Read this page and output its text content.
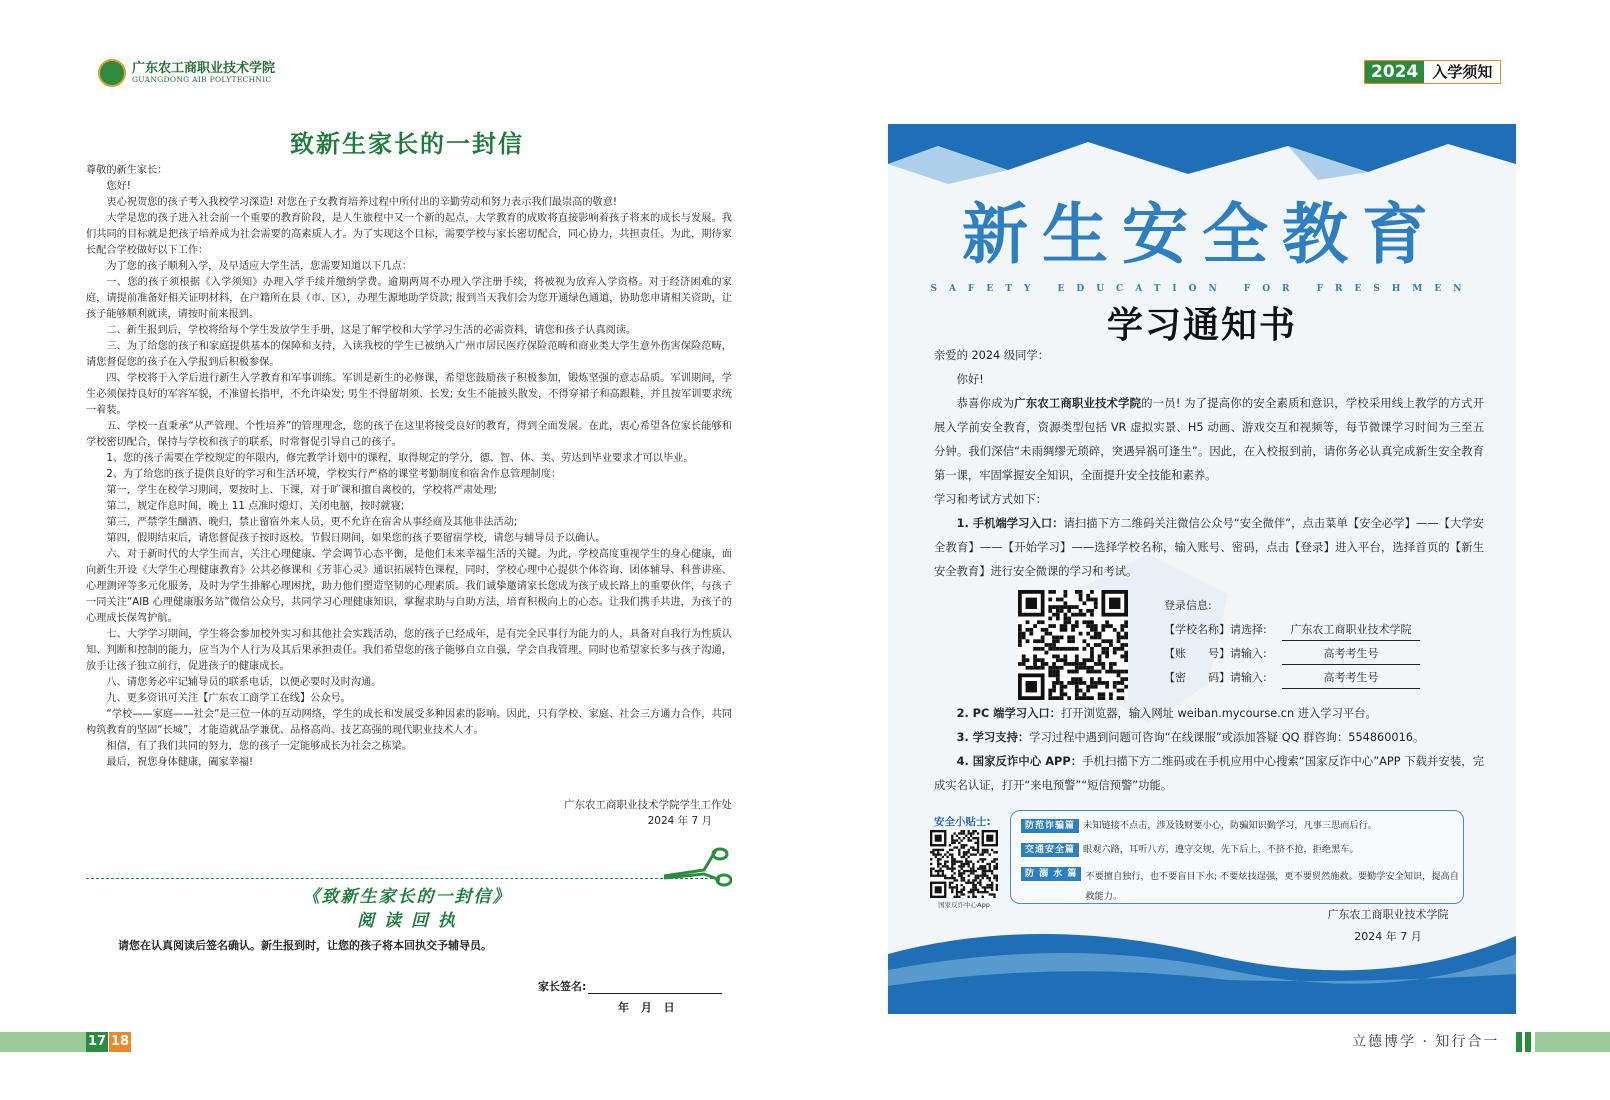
广东农工商职业技术学院
GUANGDONG AIB POLYTECHNIC
致新生家长的一封信

尊敬的新生家长：

您好!

衷心祝贺您的孩子考入我校学习深造! 对您在子女教育培养过程中所付出的辛勤劳动和努力表示我们最崇高的敬意!

大学是您的孩子进入社会前一个重要的教育阶段，是人生旅程中又一个新的起点，大学教育的成败将直接影响着孩子将来的成长与发展。我们共同的目标就是把孩子培养成为社会需要的高素质人才。为了实现这个目标，需要学校与家长密切配合，同心协力，共担责任。为此，期待家长配合学校做好以下工作：

为了您的孩子顺利入学，及早适应大学生活，您需要知道以下几点：

一、您的孩子须根据《入学须知》办理入学手续并缴纳学费。逾期两周不办理入学注册手续，将被视为放弃入学资格。对于经济困难的家庭，请提前准备好相关证明材料，在户籍所在县（市、区），办理生源地助学贷款; 报到当天我们会为您开通绿色通道，协助您申请相关资助，让孩子能够顺利就读，请按时前来报到。

二、新生报到后，学校将给每个学生发放学生手册，这是了解学校和大学学习生活的必需资料，请您和孩子认真阅读。

三、为了给您的孩子和家庭提供基本的保障和支持，入读我校的学生已被纳入广州市居民医疗保险范畴和商业类大学生意外伤害保险范畴，请您督促您的孩子在入学报到后积极参保。

四、学校将于入学后进行新生入学教育和军事训练。军训是新生的必修课，希望您鼓励孩子积极参加，锻炼坚强的意志品质。军训期间，学生必须保持良好的军容军貌，不准留长指甲，不允许染发; 男生不得留胡须、长发; 女生不能披头散发，不得穿裙子和高跟鞋，并且按军训要求统一着装。

五、学校一直秉承“从严管理、个性培养”的管理理念，您的孩子在这里将接受良好的教育，得到全面发展。在此，衷心希望各位家长能够和学校密切配合，保持与学校和孩子的联系，时常督促引导自己的孩子。

1、您的孩子需要在学校规定的年限内，修完教学计划中的课程，取得规定的学分，德、智、体、美、劳达到毕业要求才可以毕业。

2、为了给您的孩子提供良好的学习和生活环境，学校实行严格的课堂考勤制度和宿舍作息管理制度：

第一，学生在校学习期间，要按时上、下课，对于旷课和擅自离校的，学校将严肃处理;

第二，规定作息时间，晚上 11 点准时熄灯、关闭电脑，按时就寝;

第三，严禁学生酗酒、晚归，禁止留宿外来人员，更不允许在宿舍从事经商及其他非法活动;

第四，假期结束后，请您督促孩子按时返校。节假日期间，如果您的孩子要留宿学校，请您与辅导员予以确认。

六、对于新时代的大学生而言，关注心理健康、学会调节心态平衡，是他们未来幸福生活的关键。为此，学校高度重视学生的身心健康，面向新生开设《大学生心理健康教育》公共必修课和《芳菲心灵》通识拓展特色课程，同时，学校心理中心提供个体咨询、团体辅导、科普讲座、心理测评等多元化服务，及时为学生排解心理困扰，助力他们塑造坚韧的心理素质。我们诚挚邀请家长您成为孩子成长路上的重要伙伴，与孩子一同关注“AIB 心理健康服务站”微信公众号，共同学习心理健康知识，掌握求助与自助方法，培育积极向上的心态。让我们携手共进，为孩子的心理成长保驾护航。

七、大学学习期间，学生将会参加校外实习和其他社会实践活动，您的孩子已经成年，是有完全民事行为能力的人，具备对自我行为性质认知、判断和控制的能力，应当为个人行为及其后果承担责任。我们希望您的孩子能够自立自强，学会自我管理。同时也希望家长多与孩子沟通，放手让孩子独立前行，促进孩子的健康成长。

八、请您务必牢记辅导员的联系电话，以便必要时及时沟通。

九、更多资讯可关注【广东农工商学工在线】公众号。

“学校——家庭——社会”是三位一体的互动网络，学生的成长和发展受多种因素的影响。因此，只有学校、家庭、社会三方通力合作，共同构筑教育的坚固“长城”，才能造就品学兼优、品格高尚、技艺高强的现代职业技术人才。

相信，有了我们共同的努力，您的孩子一定能够成长为社会之栋梁。

最后，祝您身体健康，阖家幸福!

广东农工商职业技术学院学生工作处
2024 年 7 月
《致新生家长的一封信》
阅 读 回 执
请您在认真阅读后签名确认。新生报到时，让您的孩子将本回执交予辅导员。
家长签名:
年 月 日
17 18	立德博学 · 知行合一
2024 入学须知
新生安全教育
SAFETY EDUCATION FOR FRESHMEN
学习通知书

亲爱的 2024 级同学：

你好!

恭喜你成为广东农工商职业技术学院的一员! 为了提高你的安全素质和意识，学校采用线上教学的方式开展入学前安全教育，资源类型包括 VR 虚拟实景、H5 动画、游戏交互和视频等，每节微课学习时间为三至五分钟。我们深信“未雨绸缪无琐碎，突遇异祸可逢生”。因此，在入校报到前，请你务必认真完成新生安全教育第一课，牢固掌握安全知识，全面提升安全技能和素养。

学习和考试方式如下：

1. 手机端学习入口：请扫描下方二维码关注微信公众号“安全微伴”，点击菜单【安全必学】——【大学安全教育】——【开始学习】——选择学校名称，输入账号、密码，点击【登录】进入平台，选择首页的【新生安全教育】进行安全微课的学习和考试。

登录信息:
【学校名称】请选择:	广东农工商职业技术学院
【账　　号】请输入:	高考考生号
【密　　码】请输入:	高考考生号

2. PC 端学习入口：打开浏览器，输入网址 weiban.mycourse.cn 进入学习平台。

3. 学习支持：学习过程中遇到问题可咨询“在线课服”或添加答疑 QQ 群咨询：554860016。

4. 国家反诈中心 APP：手机扫描下方二维码或在手机应用中心搜索“国家反诈中心”APP 下载并安装，完成实名认证，打开“来电预警”“短信预警”功能。

安全小贴士:
国家反诈中心App
防范诈骗篇 未知链接不点击，涉及钱财要小心，防骗知识勤学习，凡事三思而后行。
交通安全篇 眼观六路，耳听八方，遵守交规，先下后上，不挤不抢，拒绝黑车。
防 溺 水 篇 不要擅自独行，也不要盲目下水; 不要炫技逞强，更不要贸然施救。要勤学安全知识，提高自救能力。
广东农工商职业技术学院
2024 年 7 月
